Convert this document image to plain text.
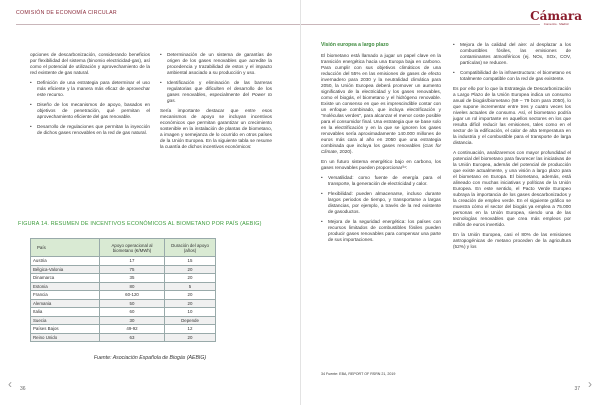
COMISIÓN DE ECONOMÍA CIRCULAR

opciones de descarbonización, considerando beneficios por flexibilidad del sistema (binomio electricidad-gas), así como el potencial de utilización y aprovechamiento de la red existente de gas natural.

• Definición de una estrategia para determinar el uso más eficiente y la manera más eficaz de aprovechar este recurso.
• Diseño de los mecanismos de apoyo, basados en objetivos de penetración, qué permitan el aprovechamiento eficiente del gas renovable.
• Desarrollo de regulaciones que permitan la inyección de dichos gases renovables en la red de gas natural.
• Determinación de un sistema de garantías de origen de los gases renovables que acredite la procedencia y trazabilidad de estos y el impacto ambiental asociado a su producción y uso.
• Identificación y eliminación de las barreras regulatorias que dificulten el desarrollo de los gases renovables, especialmente del Power to gas.

Sería importante destacar que entre esos mecanismos de apoyo se incluyan incentivos económicos que permitan garantizar un crecimiento sostenible en la instalación de plantas de biometano, a imagen y semejanza de lo ocurrido en otros países de la Unión Europea. En la siguiente tabla se resume la cuantía de dichos incentivos económicos:

FIGURA 14. RESUMEN DE INCENTIVOS ECONÓMICOS AL BIOMETANO POR PAÍS (AEBIG)
País	Apoyo operacional al biometano (€/MWh)	Duración del apoyo (años)
Austria	17	15
Bélgica-Valonia	75	20
Dinamarca	35	20
Estonia	80	5
Francia	60-120	20
Alemania	50	20
Italia	60	10
Suecia	30	Depende
Países Bajos	49-92	12
Reino Unido	63	20
Fuente: Asociación Española de Biogás (AEBIG)
‹	36
Cámara
Comercio · Madrid
Visión europea a largo plazo

El biometano está llamado a jugar un papel clave en la transición energética hacia una Europa baja en carbono. Para cumplir con sus objetivos climáticos de una reducción del 55% en las emisiones de gases de efecto invernadero para 2030 y la neutralidad climática para 2050, la Unión Europea deberá promover un aumento significativo de la electricidad y los gases renovables, como el biogás, el biometano y el hidrógeno renovable. Existe un consenso en que es imprescindible contar con un enfoque combinado, que incluya electrificación y "moléculas verdes", para alcanzar el menor coste posible para el consumidor final. Una estrategia que se base solo en la electrificación y en la que se ignoren los gases renovables sería aproximadamente 140.000 millones de euros más cara al año en 2050 que una estrategia combinada que incluya los gases renovables (Gas for Climate, 2020).

En un futuro sistema energético bajo en carbono, los gases renovables pueden proporcionar³⁴:

• Versatilidad: como fuente de energía para el transporte, la generación de electricidad y calor.
• Flexibilidad: pueden almacenarse, incluso durante largos periodos de tiempo, y transportarse a largas distancias, por ejemplo, a través de la red existente de gasoductos.
• Mejora de la seguridad energética: los países con recursos limitados de combustibles fósiles pueden producir gases renovables para compensar una parte de sus importaciones.
34 Fuente: EBA, REPORT OF RSRN 21, 2019
• Mejora de la calidad del aire: al desplazar a los combustibles fósiles, las emisiones de contaminantes atmosféricos (ej. NOx, SOx, COV, partículas) se reducen.
• Compatibilidad de la infraestructura: el biometano es totalmente compatible con la red de gas existente.

Es por ello por lo que la Estrategia de Descarbonización a Largo Plazo de la Unión Europea indica un consumo anual de biogás/biometano (59 – 79 bcm para 2050), lo que supone incrementar entre tres y cuatro veces los niveles actuales de consumo. Así, el biometano podría jugar un rol importante en aquellos sectores en los que resulta difícil reducir las emisiones, tales como en el sector de la edificación, el calor de alta temperatura en la industria y el combustible para el transporte de larga distancia.

A continuación, analizaremos con mayor profundidad el potencial del biometano para favorecer las iniciativas de la Unión Europea, además del potencial de producción que existe actualmente, y una visión a largo plazo para el biometano en Europa. El biometano, además, está alineado con muchas iniciativas y políticas de la Unión Europea. En este sentido, el Pacto Verde Europeo subraya la importancia de los gases descarbonizados y la creación de empleo verde. En el siguiente gráfico se muestra cómo el sector del biogás ya emplea a 75.000 personas en la Unión Europea, siendo una de las tecnologías renovables que crea más empleos por millón de euros invertido.

En la Unión Europea, casi el 80% de las emisiones antropogénicas de metano proceden de la agricultura (52%) y los

37 ›
